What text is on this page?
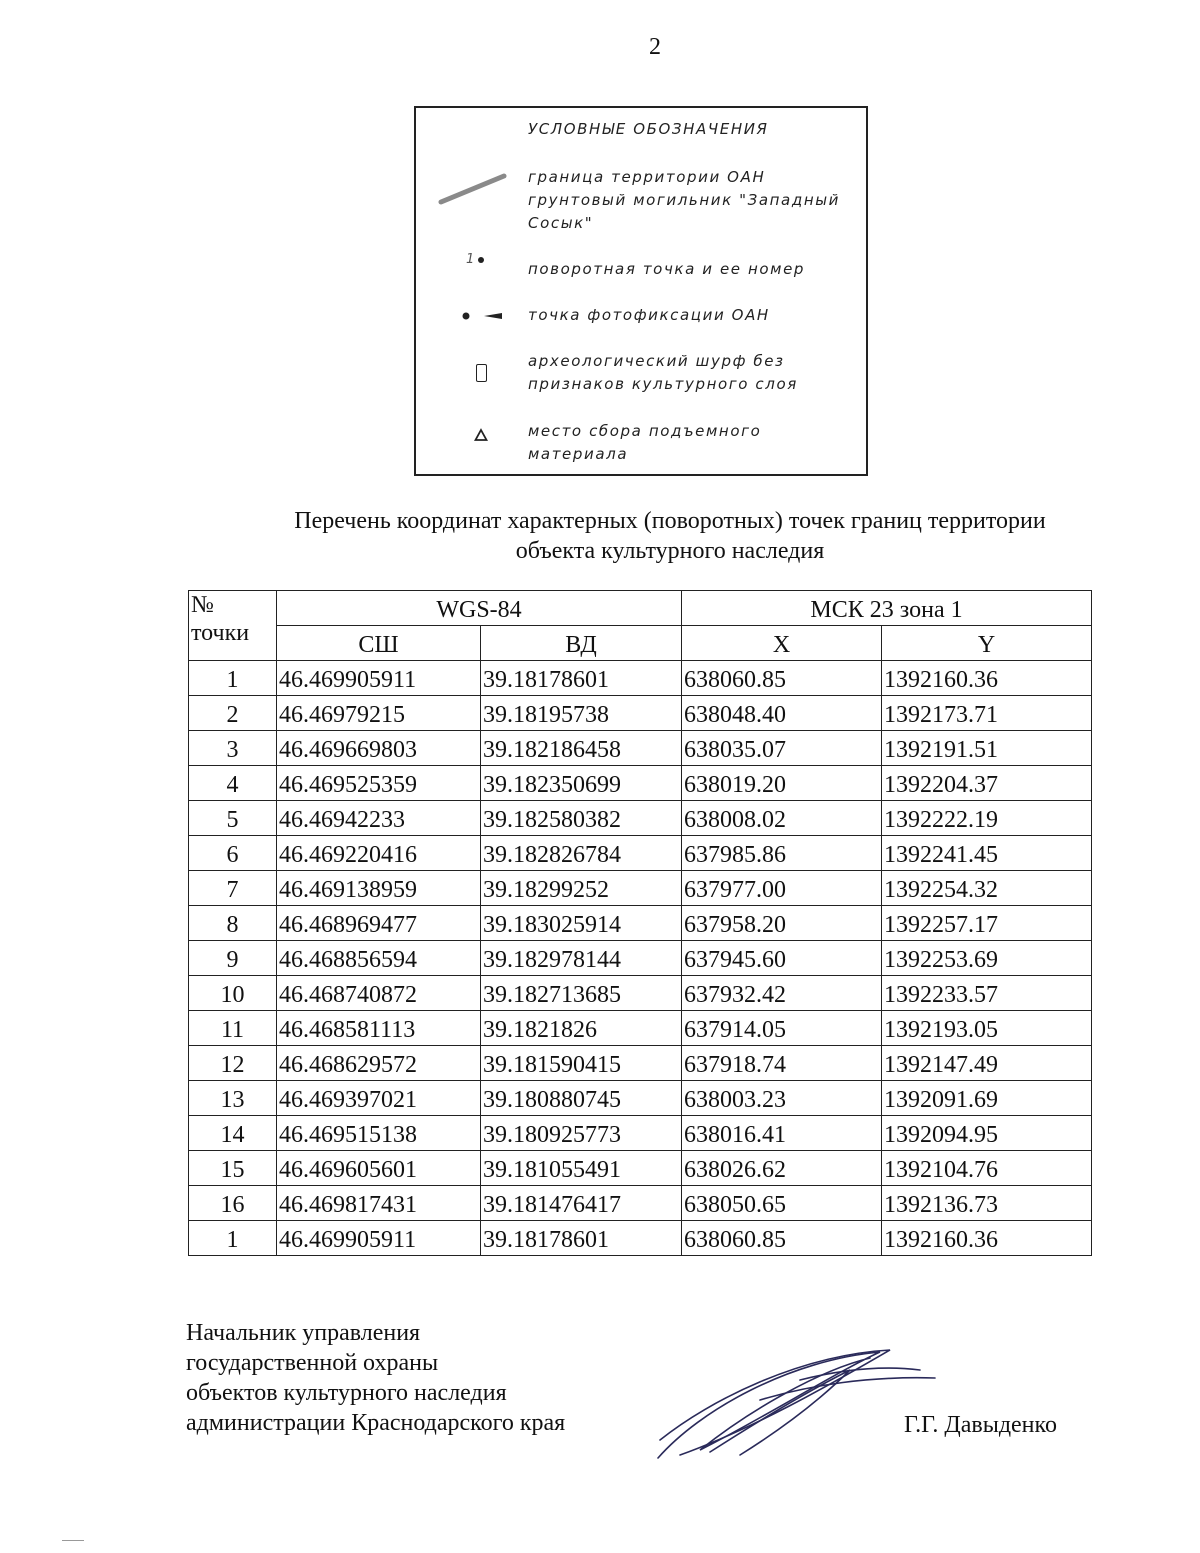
2
УСЛОВНЫЕ ОБОЗНАЧЕНИЯ
граница территории ОАН
грунтовый могильник "Западный
Сосык"
1
поворотная точка и ее номер
точка фотофиксации ОАН
археологический шурф без
признаков культурного слоя
место сбора подъемного
материала
Перечень координат характерных (поворотных) точек границ территории
объекта культурного наследия
№
точки	WGS-84		МСК 23 зона 1	
	СШ	ВД	X	Y
1	46.469905911	39.18178601	638060.85	1392160.36
2	46.46979215	39.18195738	638048.40	1392173.71
3	46.469669803	39.182186458	638035.07	1392191.51
4	46.469525359	39.182350699	638019.20	1392204.37
5	46.46942233	39.182580382	638008.02	1392222.19
6	46.469220416	39.182826784	637985.86	1392241.45
7	46.469138959	39.18299252	637977.00	1392254.32
8	46.468969477	39.183025914	637958.20	1392257.17
9	46.468856594	39.182978144	637945.60	1392253.69
10	46.468740872	39.182713685	637932.42	1392233.57
11	46.468581113	39.1821826	637914.05	1392193.05
12	46.468629572	39.181590415	637918.74	1392147.49
13	46.469397021	39.180880745	638003.23	1392091.69
14	46.469515138	39.180925773	638016.41	1392094.95
15	46.469605601	39.181055491	638026.62	1392104.76
16	46.469817431	39.181476417	638050.65	1392136.73
1	46.469905911	39.18178601	638060.85	1392160.36
Начальник управления
государственной охраны
объектов культурного наследия
администрации Краснодарского края	Г.Г. Давыденко
